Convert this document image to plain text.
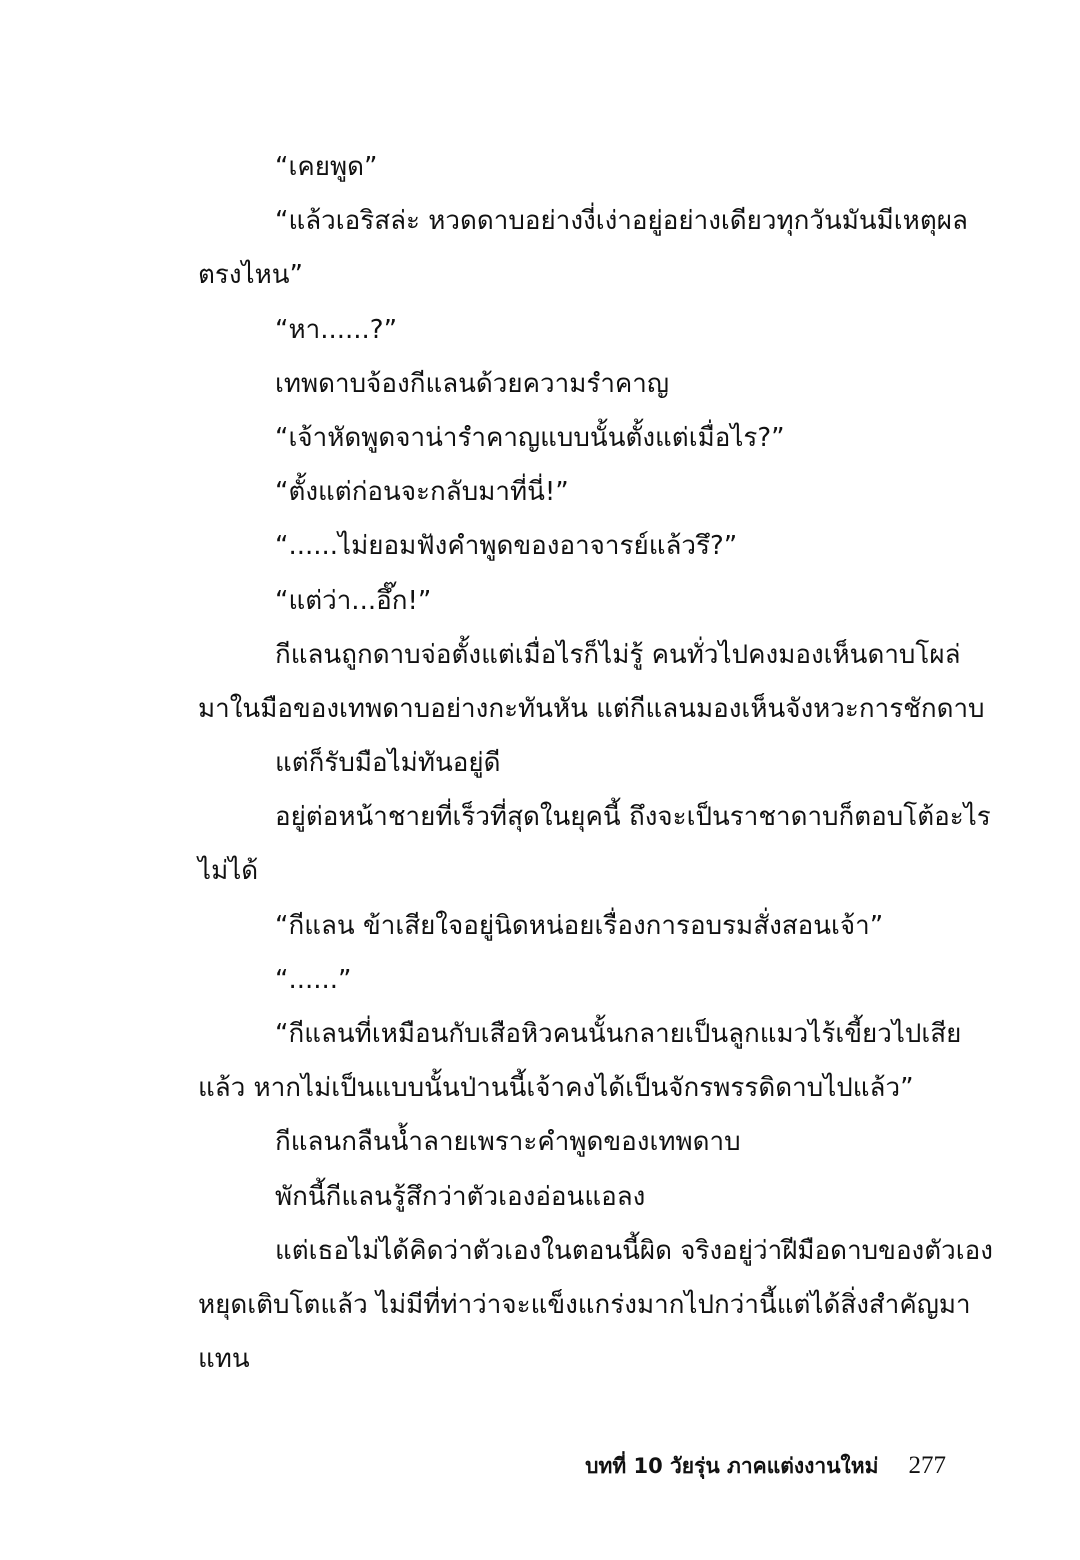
“เคยพูด”
“แล้วเอริสล่ะ หวดดาบอย่างงี่เง่าอยู่อย่างเดียวทุกวันมันมีเหตุผล
ตรงไหน”
“หา......?”
เทพดาบจ้องกีแลนด้วยความรำคาญ
“เจ้าหัดพูดจาน่ารำคาญแบบนั้นตั้งแต่เมื่อไร?”
“ตั้งแต่ก่อนจะกลับมาที่นี่!”
“......ไม่ยอมฟังคำพูดของอาจารย์แล้วรึ?”
“แต่ว่า...อึ๊ก!”
กีแลนถูกดาบจ่อตั้งแต่เมื่อไรก็ไม่รู้ คนทั่วไปคงมองเห็นดาบโผล่
มาในมือของเทพดาบอย่างกะทันหัน แต่กีแลนมองเห็นจังหวะการชักดาบ
แต่ก็รับมือไม่ทันอยู่ดี
อยู่ต่อหน้าชายที่เร็วที่สุดในยุคนี้ ถึงจะเป็นราชาดาบก็ตอบโต้อะไร
ไม่ได้
“กีแลน ข้าเสียใจอยู่นิดหน่อยเรื่องการอบรมสั่งสอนเจ้า”
“......”
“กีแลนที่เหมือนกับเสือหิวคนนั้นกลายเป็นลูกแมวไร้เขี้ยวไปเสีย
แล้ว หากไม่เป็นแบบนั้นป่านนี้เจ้าคงได้เป็นจักรพรรดิดาบไปแล้ว”
กีแลนกลืนน้ำลายเพราะคำพูดของเทพดาบ
พักนี้กีแลนรู้สึกว่าตัวเองอ่อนแอลง
แต่เธอไม่ได้คิดว่าตัวเองในตอนนี้ผิด จริงอยู่ว่าฝีมือดาบของตัวเอง
หยุดเติบโตแล้ว ไม่มีที่ท่าว่าจะแข็งแกร่งมากไปกว่านี้แต่ได้สิ่งสำคัญมา
แทน
บทที่ 10 วัยรุ่น ภาคแต่งงานใหม่ 277
